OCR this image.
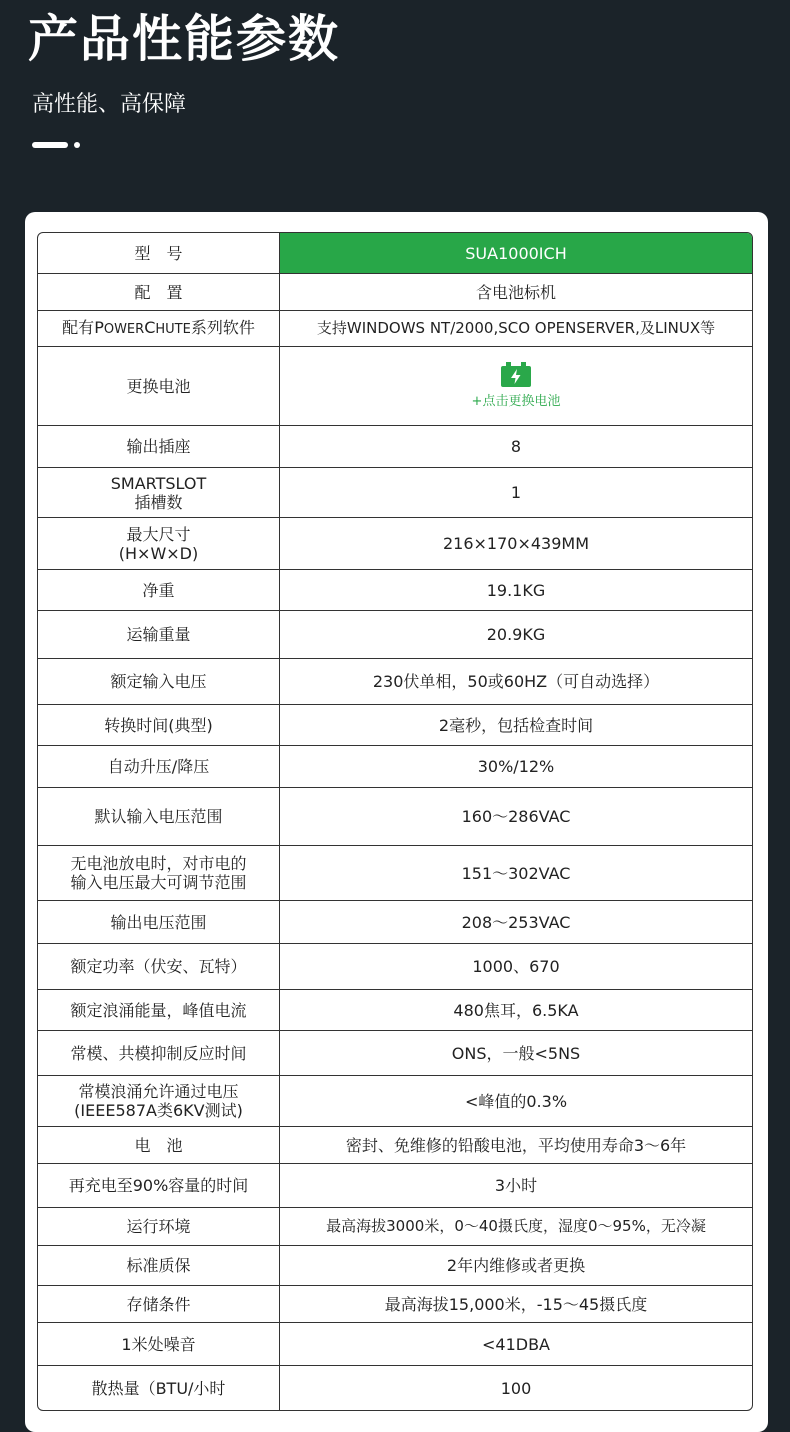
产品性能参数
高性能、高保障
型　号	SUA1000ICH
配　置	含电池标机
配有POWERCHUTE系列软件	支持WINDOWS NT/2000,SCO OPENSERVER,及LINUX等
更换电池	+点击更换电池
输出插座	8

SMARTSLOT
插槽数	1

最大尺寸
(H×W×D)	216×170×439MM
净重	19.1KG
运输重量	20.9KG
额定输入电压	230伏单相，50或60HZ（可自动选择）
转换时间(典型)	2毫秒，包括检查时间
自动升压/降压	30%/12%
默认输入电压范围	160～286VAC

无电池放电时，对市电的
输入电压最大可调节范围	151～302VAC
输出电压范围	208～253VAC
额定功率（伏安、瓦特）	1000、670
额定浪涌能量，峰值电流	480焦耳，6.5KA
常模、共模抑制反应时间	ONS，一般<5NS

常模浪涌允许通过电压
(IEEE587A类6KV测试)	<峰值的0.3%
电　池	密封、免维修的铅酸电池，平均使用寿命3～6年
再充电至90%容量的时间	3小时
运行环境	最高海拔3000米，0～40摄氏度，湿度0～95%，无冷凝
标准质保	2年内维修或者更换
存储条件	最高海拔15,000米，-15～45摄氏度
1米处噪音	<41DBA
散热量（BTU/小时	100
